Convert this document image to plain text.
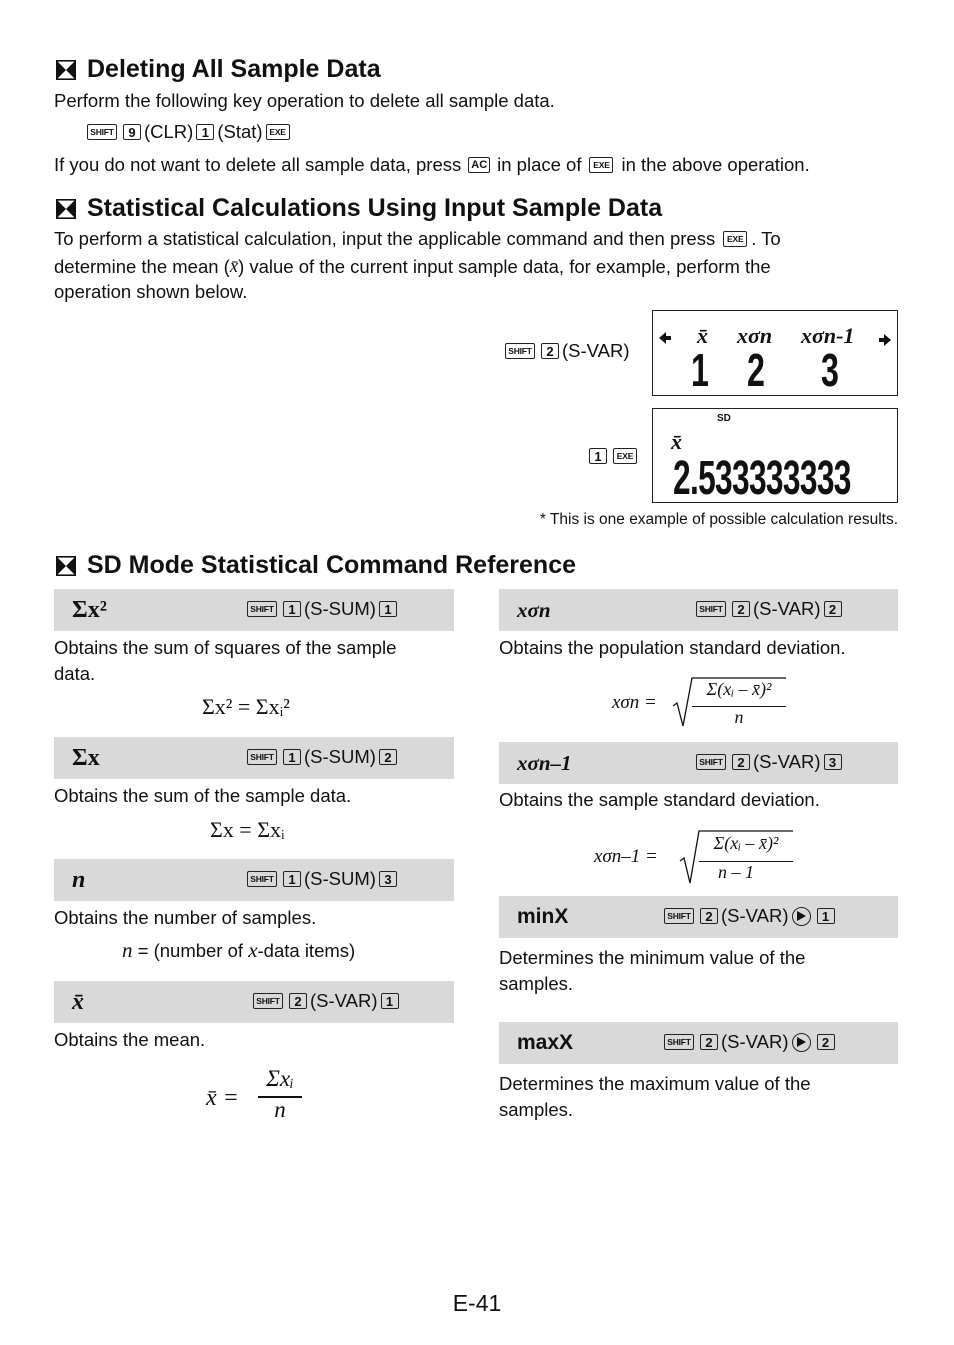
Deleting All Sample Data
Perform the following key operation to delete all sample data.
SHIFT	9 (CLR) 1 (Stat) EXE
If you do not want to delete all sample data, press AC in place of	EXE in the above operation.
Statistical Calculations Using Input Sample Data
To perform a statistical calculation, input the applicable command and then press	EXE . To
determine the mean ( x̄ ) value of the current input sample data, for example, perform the
operation shown below.
SHIFT	2 (S-VAR)
x̄ xσn xσn-1
1 2 3
1	EXE
SD
x̄
2.533333333
* This is one example of possible calculation results.
SD Mode Statistical Command Reference
Σx²	SHIFT	1 (S-SUM) 1
Obtains the sum of squares of the sample
data.
Σx² = Σxᵢ²
Σx	SHIFT	1 (S-SUM) 2
Obtains the sum of the sample data.
Σx = Σxᵢ
n	SHIFT	1 (S-SUM) 3
Obtains the number of samples.
n = (number of x-data items)
x̄	SHIFT	2 (S-VAR) 1
Obtains the mean.
x̄ =
Σxᵢ
n
xσn	SHIFT	2 (S-VAR) 2
Obtains the population standard deviation.
xσn =
Σ(xᵢ – x̄)²
n
xσn–1	SHIFT	2 (S-VAR) 3
Obtains the sample standard deviation.
xσn–1 =
Σ(xᵢ – x̄)²
n – 1
minX	SHIFT	2 (S-VAR)	1
Determines the minimum value of the
samples.
maxX	SHIFT	2 (S-VAR)	2
Determines the maximum value of the
samples.
E-41
